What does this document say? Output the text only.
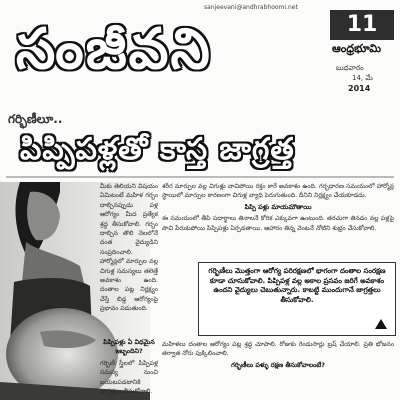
sanjeevani@andhrabhoomi.net
సంజీవని	11
ఆంధ్రభూమి
బుధవారం
14, మే
2014
గర్భిణీలూ..
పిప్పిపళ్లతో కాస్త జాగ్రత్త
మీకు తెలియని విషయం ఏమిటంటే మహిళ గర్భం దాల్చినప్పుడు పళ్ల ఆరోగ్యం మీద ప్రత్యేక శ్రద్ధ తీసుకోవాలి. గర్భం దాల్చిన తొలి నెలలోనే దంత వైద్యుడిని సంప్రదించాలి. హార్మోన్లలో మార్పుల వల్ల చిగుళ్ల సమస్యలు తలెత్తే అవకాశం ఉంది. దంతాల పట్ల నిర్లక్ష్యం చేస్తే బిడ్డ ఆరోగ్యంపై ప్రభావం పడుతుంది.
పిప్పిపళ్లు ఏ విధమైన ఇబ్బందిని?
గర్భిణీ స్త్రీలలో పిప్పిపళ్ల సమస్య నుంచి బయటపడటానికి జాగ్రత్తలు తీసుకోవాలి.
శరీర మార్పుల వల్ల చిగుళ్లు వాచిపోయి రక్తం కారే అవకాశం ఉంది. గర్భధారణ సమయంలో హార్మోన్ల స్థాయిలో మార్పుల కారణంగా చిగుళ్ల వ్యాధి పెరుగుతుంది. దీనిని నిర్లక్ష్యం చేయకూడదు.
పిప్పి పళ్లు మాయమౌతాయి
ఈ సమయంలో తీపి పదార్థాలు తినాలనే కోరిక ఎక్కువగా ఉంటుంది. తరచుగా తినడం వల్ల పళ్లపై పాచి పేరుకుపోయి పిప్పిపళ్లు ఏర్పడతాయి. ఆహారం తిన్న వెంటనే నోటిని శుభ్రం చేసుకోవాలి.
గర్భిణీలు మొత్తంగా ఆరోగ్య పరిరక్షణలో భాగంగా దంతాల సంరక్షణ కూడా చూసుకోవాలి. పిప్పిపళ్ల వల్ల అకాల ప్రసవం జరిగే అవకాశం ఉందని వైద్యులు చెబుతున్నారు. కాబట్టి ముందుగానే జాగ్రత్తలు తీసుకోవాలి.
మహిళలు దంతాల ఆరోగ్యం పట్ల శ్రద్ధ చూపాలి. రోజుకు రెండుసార్లు బ్రష్ చేయాలి. ప్రతి భోజనం తర్వాత నోరు పుక్కిలించాలి.
గర్భిణీలు పళ్ళు రక్షణ తీసుకోవాలంటే?
